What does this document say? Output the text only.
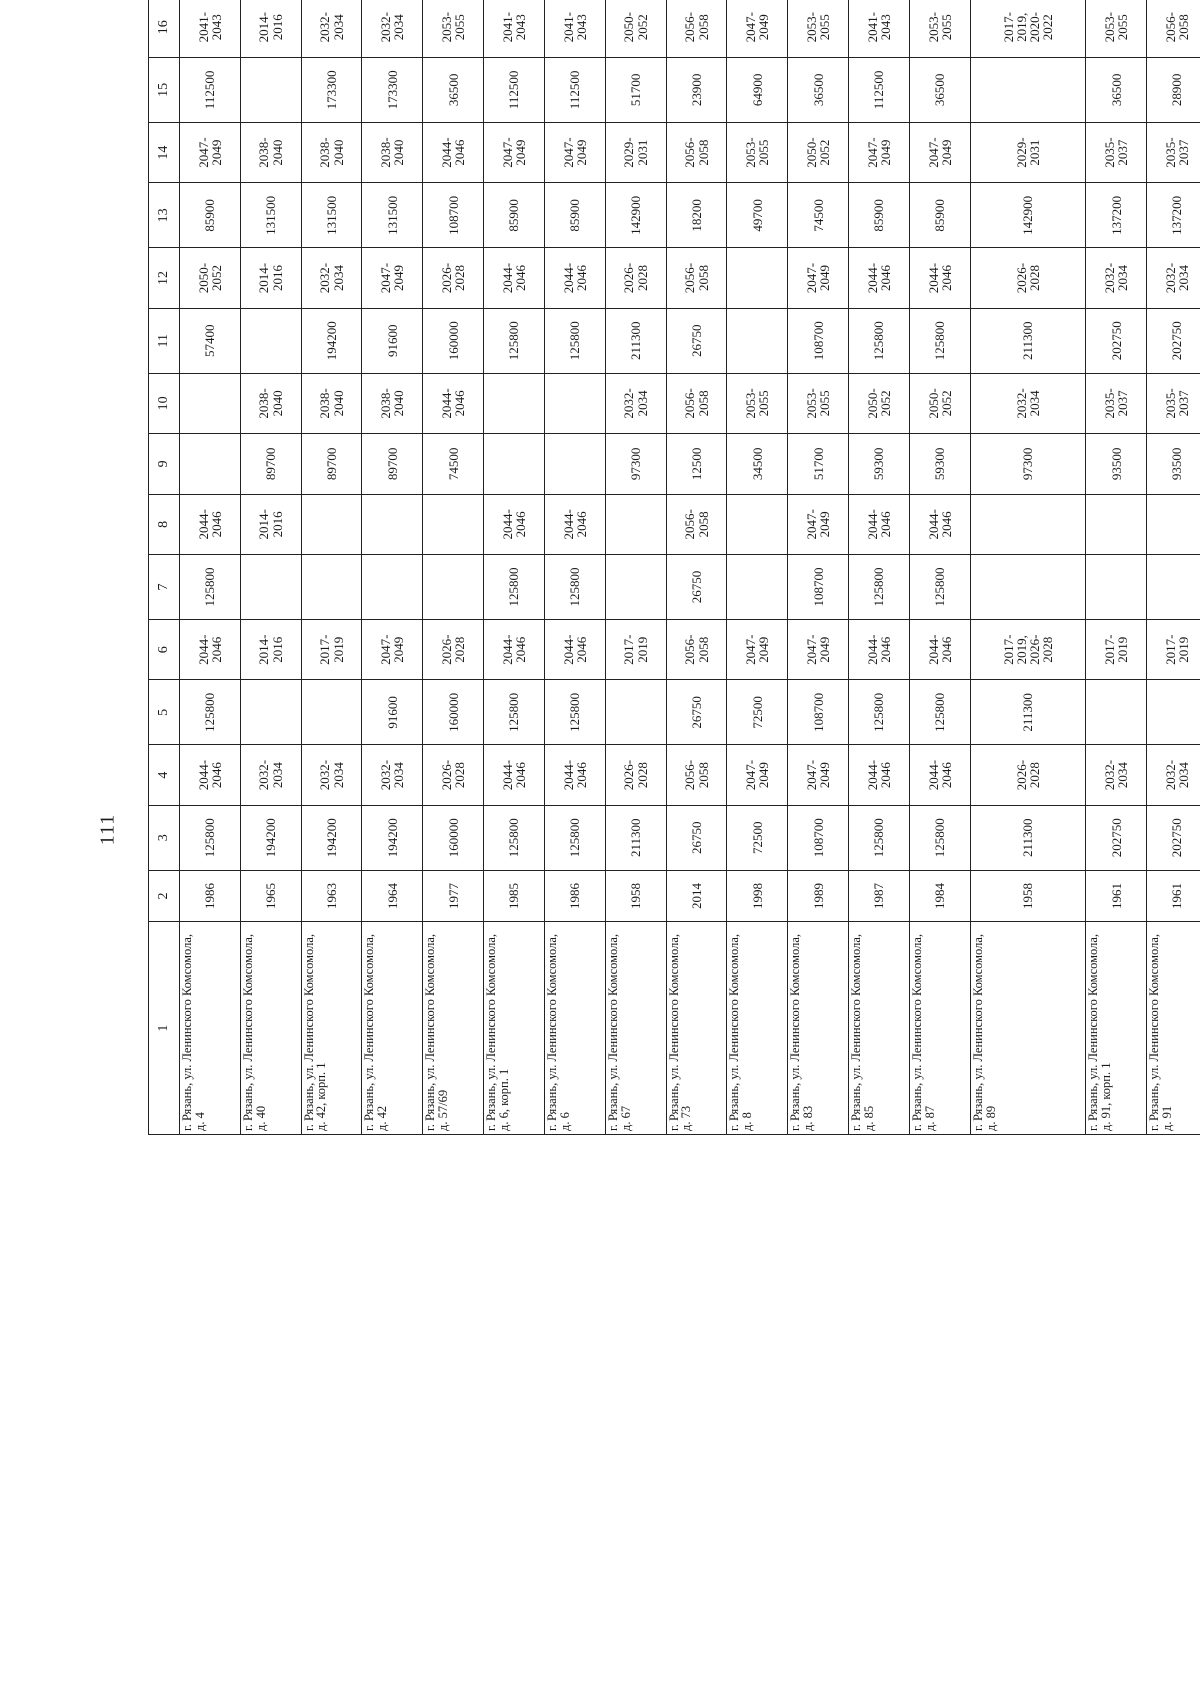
111
1	2	3	4	5	6	7	8	9	10	11	12	13	14	15	16								
г. Рязань, ул. Ленинского Комсомола, д. 4	1986	125800	2044-2046	125800	2044-2046	125800	2044-2046			57400	2050-2052	85900	2047-2049	112500	2041-2043								
г. Рязань, ул. Ленинского Комсомола, д. 40	1965	194200	2032-2034		2014-2016		2014-2016	89700	2038-2040		2014-2016	131500	2038-2040		2014-2016								
г. Рязань, ул. Ленинского Комсомола, д. 42, корп. 1	1963	194200	2032-2034		2017-2019			89700	2038-2040	194200	2032-2034	131500	2038-2040	173300	2032-2034								
г. Рязань, ул. Ленинского Комсомола, д. 42	1964	194200	2032-2034	91600	2047-2049			89700	2038-2040	91600	2047-2049	131500	2038-2040	173300	2032-2034								
г. Рязань, ул. Ленинского Комсомола, д. 57/69	1977	160000	2026-2028	160000	2026-2028			74500	2044-2046	160000	2026-2028	108700	2044-2046	36500	2053-2055								
г. Рязань, ул. Ленинского Комсомола, д. 6, корп. 1	1985	125800	2044-2046	125800	2044-2046	125800	2044-2046			125800	2044-2046	85900	2047-2049	112500	2041-2043								
г. Рязань, ул. Ленинского Комсомола, д. 6	1986	125800	2044-2046	125800	2044-2046	125800	2044-2046			125800	2044-2046	85900	2047-2049	112500	2041-2043								
г. Рязань, ул. Ленинского Комсомола, д. 67	1958	211300	2026-2028		2017-2019			97300	2032-2034	211300	2026-2028	142900	2029-2031	51700	2050-2052								
г. Рязань, ул. Ленинского Комсомола, д. 73	2014	26750	2056-2058	26750	2056-2058	26750	2056-2058	12500	2056-2058	26750	2056-2058	18200	2056-2058	23900	2056-2058								
г. Рязань, ул. Ленинского Комсомола, д. 8	1998	72500	2047-2049	72500	2047-2049			34500	2053-2055			49700	2053-2055	64900	2047-2049								
г. Рязань, ул. Ленинского Комсомола, д. 83	1989	108700	2047-2049	108700	2047-2049	108700	2047-2049	51700	2053-2055	108700	2047-2049	74500	2050-2052	36500	2053-2055								
г. Рязань, ул. Ленинского Комсомола, д. 85	1987	125800	2044-2046	125800	2044-2046	125800	2044-2046	59300	2050-2052	125800	2044-2046	85900	2047-2049	112500	2041-2043								
г. Рязань, ул. Ленинского Комсомола, д. 87	1984	125800	2044-2046	125800	2044-2046	125800	2044-2046	59300	2050-2052	125800	2044-2046	85900	2047-2049	36500	2053-2055								
г. Рязань, ул. Ленинского Комсомола, д. 89	1958	211300	2026-2028	211300	2017-2019, 2026-2028			97300	2032-2034	211300	2026-2028	142900	2029-2031		2017-2019, 2020-2022								
г. Рязань, ул. Ленинского Комсомола, д. 91, корп. 1	1961	202750	2032-2034		2017-2019			93500	2035-2037	202750	2032-2034	137200	2035-2037	36500	2053-2055								
г. Рязань, ул. Ленинского Комсомола, д. 91	1961	202750	2032-2034		2017-2019			93500	2035-2037	202750	2032-2034	137200	2035-2037	28900	2056-2058								
